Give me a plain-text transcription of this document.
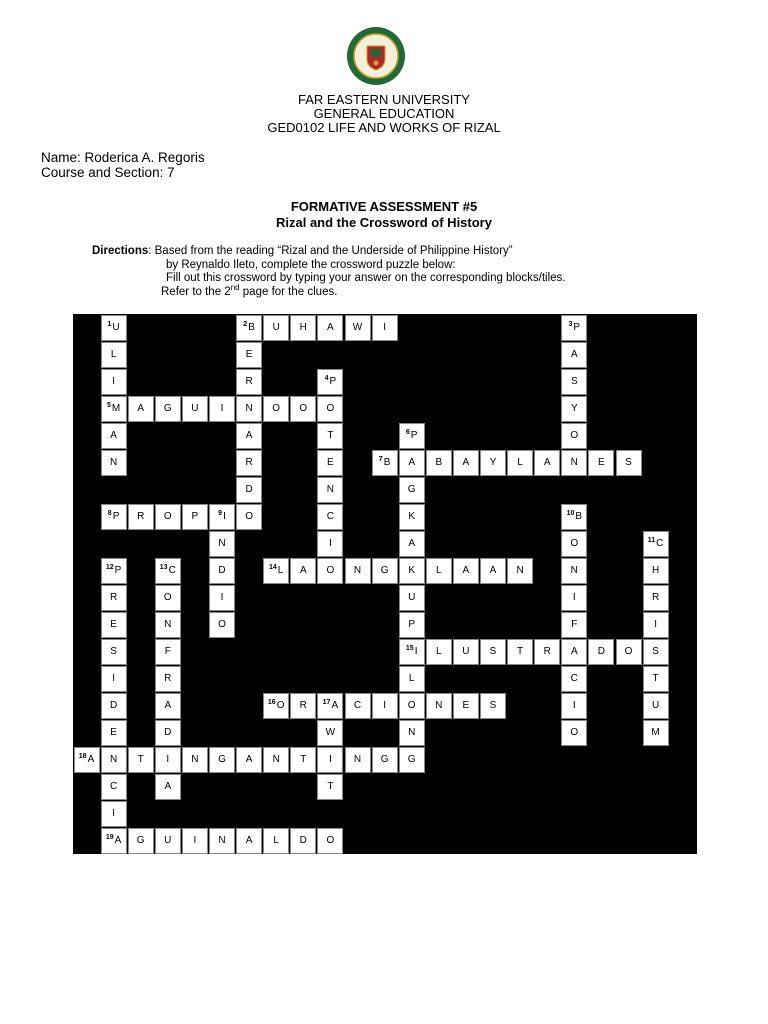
FAR EASTERN UNIVERSITY
GENERAL EDUCATION
GED0102 LIFE AND WORKS OF RIZAL
Name: Roderica A. Regoris
Course and Section: 7
FORMATIVE ASSESSMENT #5
Rizal and the Crossword of History
Directions: Based from the reading “Rizal and the Underside of Philippine History”
by Reynaldo Ileto, complete the crossword puzzle below:
Fill out this crossword by typing your answer on the corresponding blocks/tiles.
Refer to the 2nd page for the clues.
1 U
L
I
5 M
A
N
A G U I N O O
2 B U H A W I
E
R
A
R
D
O
3 P
A
S
Y
O
N
4 P
O
T
E
N
C
I
6 P
A
G
K
A
K
U
P
15 I
L
O
N
G
7 B	B A Y L A	E S
8 P R O P	9 I
N
D
I
O
10 B
O
N
I
F
A
C
I
O
11 C
H
R
I
S
T
U
M
12 P
R
E
S
I
D
E
N
C
I
19 A
13 C
O
N
F
R
A
D
I
A
14 L A O N G	L A A N
L U S T R	D O
16 O R 17 A C I	N E S
W
I
T
18 A	T	N G A N T	N G
G U I N A L D O
